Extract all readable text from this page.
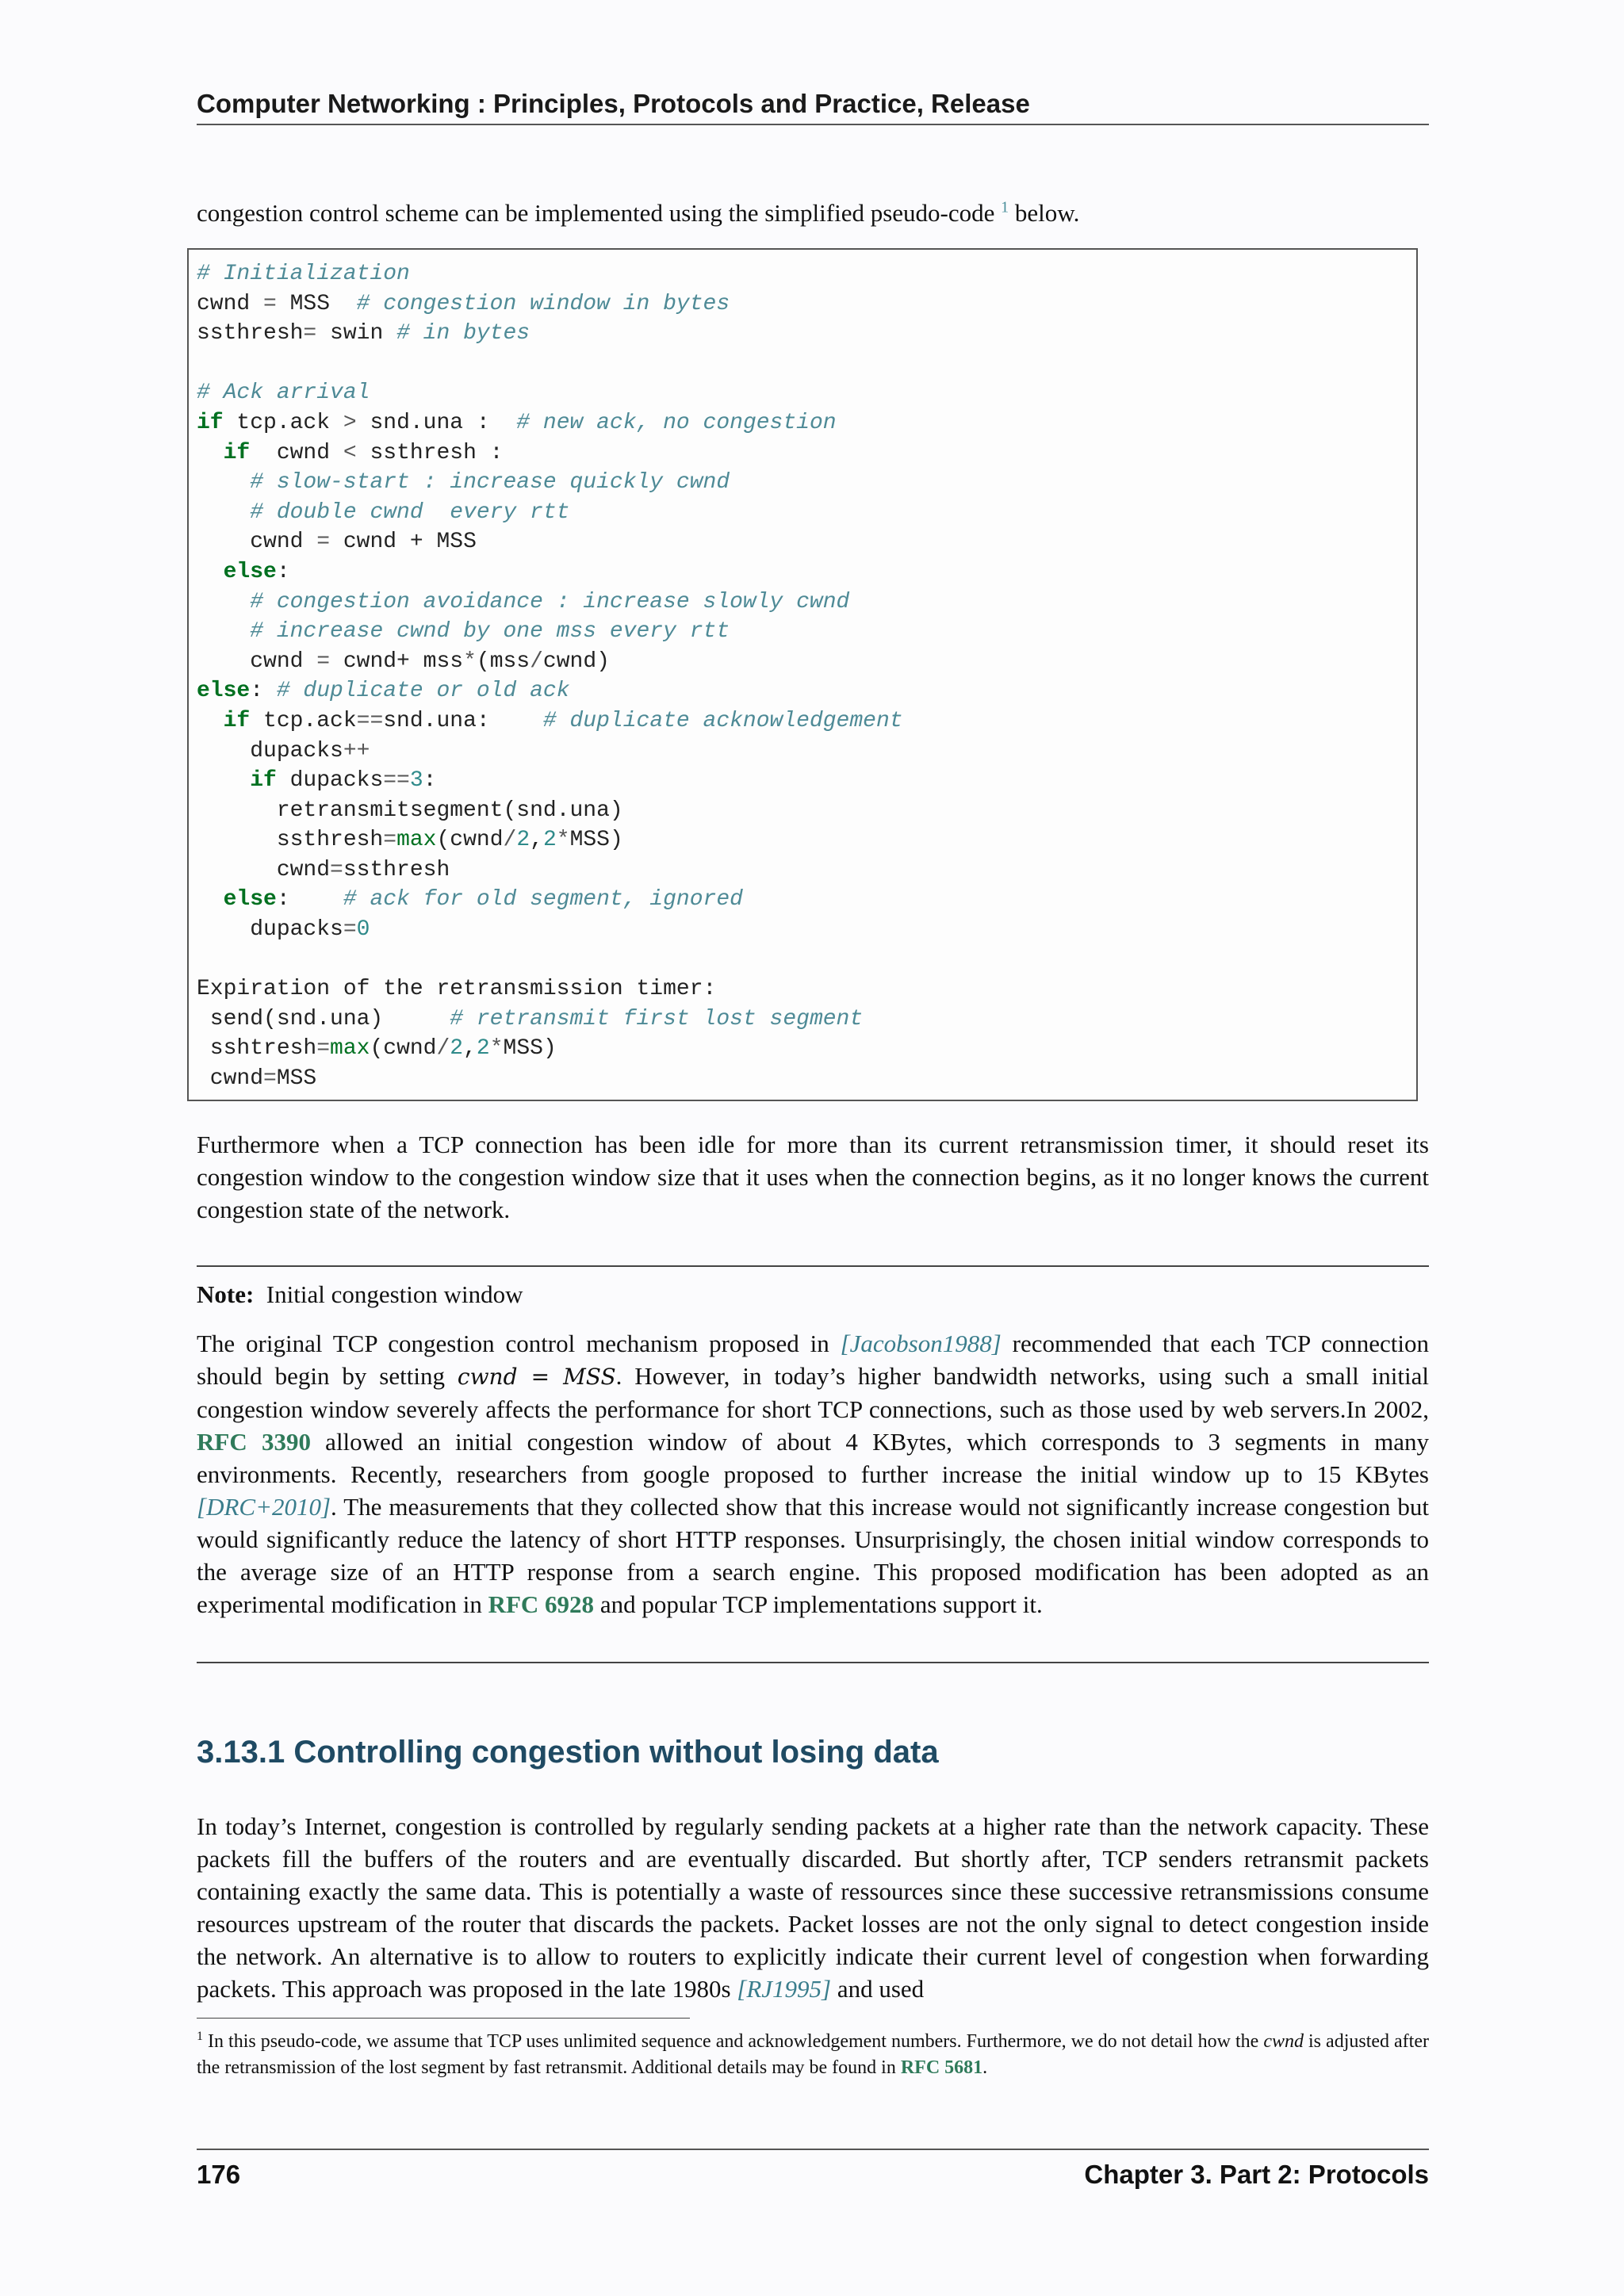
Computer Networking : Principles, Protocols and Practice, Release

congestion control scheme can be implemented using the simplified pseudo-code $^1$ below.

# Initialization
cwnd = MSS  # congestion window in bytes
ssthresh= swin # in bytes

# Ack arrival
if tcp.ack > snd.una :  # new ack, no congestion
if  cwnd < ssthresh :
# slow-start : increase quickly cwnd
# double cwnd  every rtt
cwnd = cwnd + MSS
else:
# congestion avoidance : increase slowly cwnd
# increase cwnd by one mss every rtt
cwnd = cwnd+ mss*(mss/cwnd)
else: # duplicate or old ack
if tcp.ack==snd.una:    # duplicate acknowledgement
dupacks++
if dupacks==3:
retransmitsegment(snd.una)
ssthresh=max(cwnd/2,2*MSS)
cwnd=ssthresh
else:    # ack for old segment, ignored
dupacks=0

Expiration of the retransmission timer:
send(snd.una)     # retransmit first lost segment
sshtresh=max(cwnd/2,2*MSS)
cwnd=MSS

Furthermore when a TCP connection has been idle for more than its current retransmission timer, it should reset its congestion window to the congestion window size that it uses when the connection begins, as it no longer knows the current congestion state of the network.

Note: Initial congestion window

The original TCP congestion control mechanism proposed in [Jacobson1988] recommended that each TCP connection should begin by setting cwnd = MSS. However, in today’s higher bandwidth networks, using such a small initial congestion window severely affects the performance for short TCP connections, such as those used by web servers.In 2002, RFC 3390 allowed an initial congestion window of about 4 KBytes, which corresponds to 3 segments in many environments. Recently, researchers from google proposed to further increase the initial window up to 15 KBytes [DRC+2010]. The measurements that they collected show that this increase would not significantly increase congestion but would significantly reduce the latency of short HTTP responses. Unsurprisingly, the chosen initial window corresponds to the average size of an HTTP response from a search engine. This proposed modification has been adopted as an experimental modification in RFC 6928 and popular TCP implementations support it.

3.13.1 Controlling congestion without losing data

In today’s Internet, congestion is controlled by regularly sending packets at a higher rate than the network capacity. These packets fill the buffers of the routers and are eventually discarded. But shortly after, TCP senders retransmit packets containing exactly the same data. This is potentially a waste of ressources since these successive retransmissions consume resources upstream of the router that discards the packets. Packet losses are not the only signal to detect congestion inside the network. An alternative is to allow to routers to explicitly indicate their current level of congestion when forwarding packets. This approach was proposed in the late 1980s [RJ1995] and used

$^1$ In this pseudo-code, we assume that TCP uses unlimited sequence and acknowledgement numbers. Furthermore, we do not detail how the cwnd is adjusted after the retransmission of the lost segment by fast retransmit. Additional details may be found in RFC 5681.

176	Chapter 3. Part 2: Protocols
